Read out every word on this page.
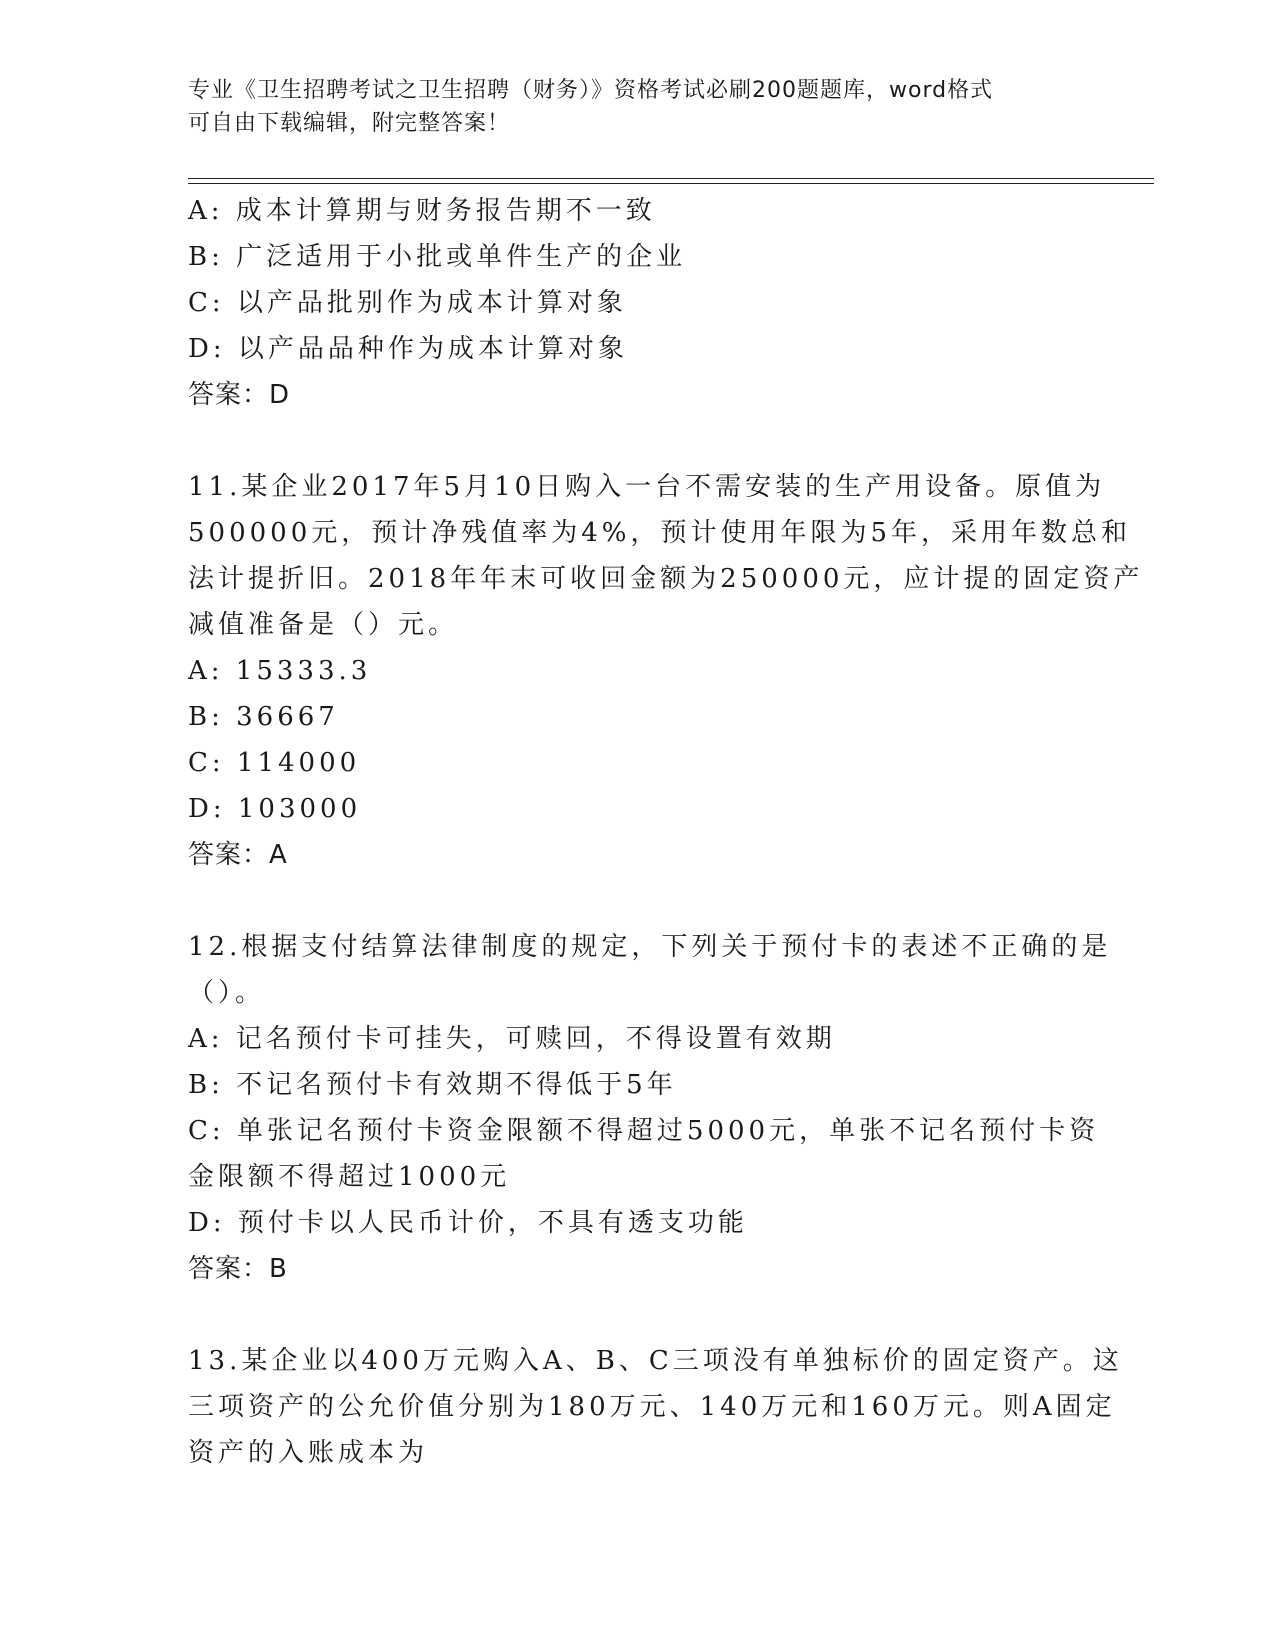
专业《卫生招聘考试之卫生招聘（财务）》资格考试必刷200题题库，word格式
可自由下载编辑，附完整答案！
A: 成本计算期与财务报告期不一致
B: 广泛适用于小批或单件生产的企业
C: 以产品批别作为成本计算对象
D: 以产品品种作为成本计算对象
答案：D
11.某企业2017年5月10日购入一台不需安装的生产用设备。原值为
500000元，预计净残值率为4%，预计使用年限为5年，采用年数总和
法计提折旧。2018年年末可收回金额为250000元，应计提的固定资产
减值准备是（）元。
A: 15333.3
B: 36667
C: 114000
D: 103000
答案：A
12.根据支付结算法律制度的规定，下列关于预付卡的表述不正确的是
（）。
A: 记名预付卡可挂失，可赎回，不得设置有效期
B: 不记名预付卡有效期不得低于5年
C: 单张记名预付卡资金限额不得超过5000元，单张不记名预付卡资
金限额不得超过1000元
D: 预付卡以人民币计价，不具有透支功能
答案：B
13.某企业以400万元购入A、B、C三项没有单独标价的固定资产。这
三项资产的公允价值分别为180万元、140万元和160万元。则A固定
资产的入账成本为
